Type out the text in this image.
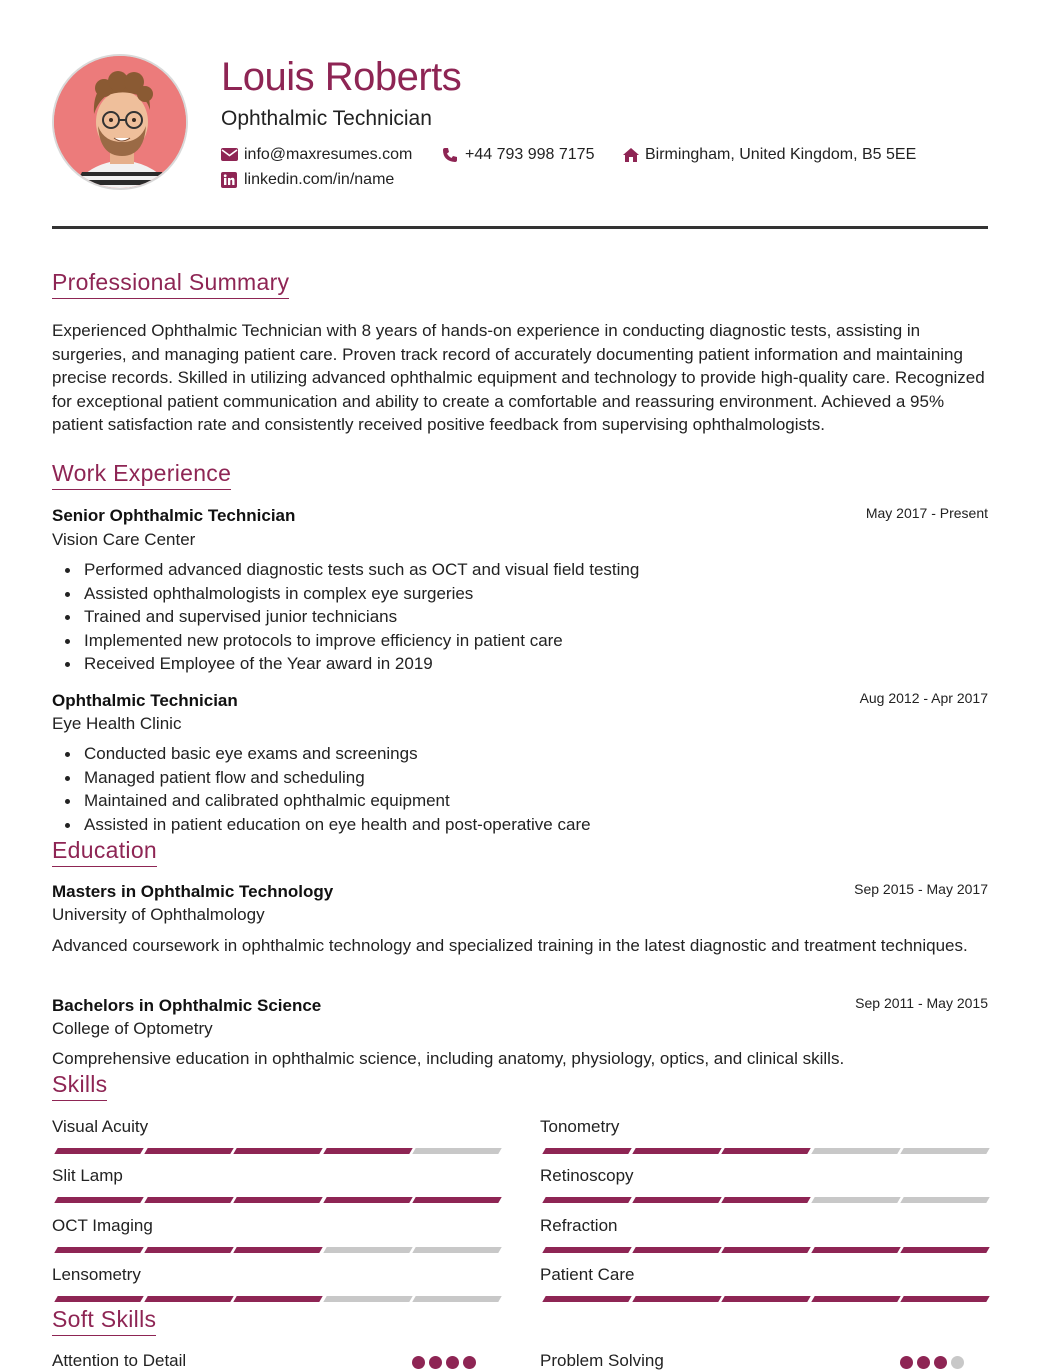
Louis Roberts
Ophthalmic Technician
info@maxresumes.com	+44 793 998 7175	Birmingham, United Kingdom, B5 5EE
linkedin.com/in/name
Professional Summary
Experienced Ophthalmic Technician with 8 years of hands-on experience in conducting diagnostic tests, assisting in surgeries, and managing patient care. Proven track record of accurately documenting patient information and maintaining precise records. Skilled in utilizing advanced ophthalmic equipment and technology to provide high-quality care. Recognized for exceptional patient communication and ability to create a comfortable and reassuring environment. Achieved a 95% patient satisfaction rate and consistently received positive feedback from supervising ophthalmologists.
Work Experience
Senior Ophthalmic Technician	May 2017 - Present
Vision Care Center
Performed advanced diagnostic tests such as OCT and visual field testing
Assisted ophthalmologists in complex eye surgeries
Trained and supervised junior technicians
Implemented new protocols to improve efficiency in patient care
Received Employee of the Year award in 2019
Ophthalmic Technician	Aug 2012 - Apr 2017
Eye Health Clinic
Conducted basic eye exams and screenings
Managed patient flow and scheduling
Maintained and calibrated ophthalmic equipment
Assisted in patient education on eye health and post-operative care
Education
Masters in Ophthalmic Technology	Sep 2015 - May 2017
University of Ophthalmology
Advanced coursework in ophthalmic technology and specialized training in the latest diagnostic and treatment techniques.
Bachelors in Ophthalmic Science	Sep 2011 - May 2015
College of Optometry
Comprehensive education in ophthalmic science, including anatomy, physiology, optics, and clinical skills.
Skills
Visual Acuity	Tonometry
Slit Lamp	Retinoscopy
OCT Imaging	Refraction
Lensometry	Patient Care
Soft Skills
Attention to Detail	Problem Solving
